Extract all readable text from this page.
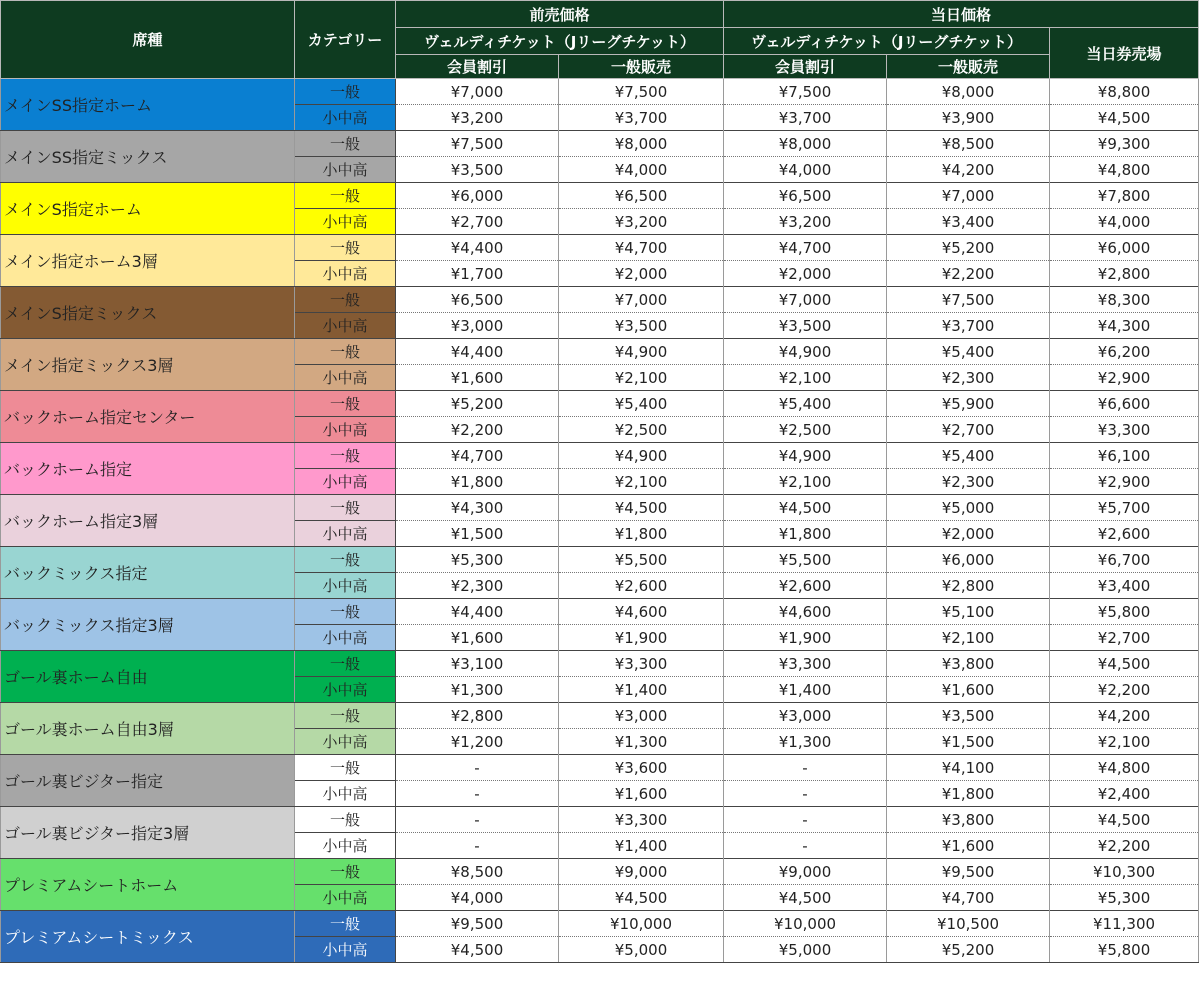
席種	カテゴリー	前売価格		当日価格		
		ヴェルディチケット（Jリーグチケット）		ヴェルディチケット（Jリーグチケット）		当日券売場
		会員割引	一般販売	会員割引	一般販売	
メインSS指定ホーム	一般	¥7,000	¥7,500	¥7,500	¥8,000	¥8,800
	小中高	¥3,200	¥3,700	¥3,700	¥3,900	¥4,500
メインSS指定ミックス	一般	¥7,500	¥8,000	¥8,000	¥8,500	¥9,300
	小中高	¥3,500	¥4,000	¥4,000	¥4,200	¥4,800
メインS指定ホーム	一般	¥6,000	¥6,500	¥6,500	¥7,000	¥7,800
	小中高	¥2,700	¥3,200	¥3,200	¥3,400	¥4,000
メイン指定ホーム3層	一般	¥4,400	¥4,700	¥4,700	¥5,200	¥6,000
	小中高	¥1,700	¥2,000	¥2,000	¥2,200	¥2,800
メインS指定ミックス	一般	¥6,500	¥7,000	¥7,000	¥7,500	¥8,300
	小中高	¥3,000	¥3,500	¥3,500	¥3,700	¥4,300
メイン指定ミックス3層	一般	¥4,400	¥4,900	¥4,900	¥5,400	¥6,200
	小中高	¥1,600	¥2,100	¥2,100	¥2,300	¥2,900
バックホーム指定センター	一般	¥5,200	¥5,400	¥5,400	¥5,900	¥6,600
	小中高	¥2,200	¥2,500	¥2,500	¥2,700	¥3,300
バックホーム指定	一般	¥4,700	¥4,900	¥4,900	¥5,400	¥6,100
	小中高	¥1,800	¥2,100	¥2,100	¥2,300	¥2,900
バックホーム指定3層	一般	¥4,300	¥4,500	¥4,500	¥5,000	¥5,700
	小中高	¥1,500	¥1,800	¥1,800	¥2,000	¥2,600
バックミックス指定	一般	¥5,300	¥5,500	¥5,500	¥6,000	¥6,700
	小中高	¥2,300	¥2,600	¥2,600	¥2,800	¥3,400
バックミックス指定3層	一般	¥4,400	¥4,600	¥4,600	¥5,100	¥5,800
	小中高	¥1,600	¥1,900	¥1,900	¥2,100	¥2,700
ゴール裏ホーム自由	一般	¥3,100	¥3,300	¥3,300	¥3,800	¥4,500
	小中高	¥1,300	¥1,400	¥1,400	¥1,600	¥2,200
ゴール裏ホーム自由3層	一般	¥2,800	¥3,000	¥3,000	¥3,500	¥4,200
	小中高	¥1,200	¥1,300	¥1,300	¥1,500	¥2,100
ゴール裏ビジター指定	一般	-	¥3,600	-	¥4,100	¥4,800
	小中高	-	¥1,600	-	¥1,800	¥2,400
ゴール裏ビジター指定3層	一般	-	¥3,300	-	¥3,800	¥4,500
	小中高	-	¥1,400	-	¥1,600	¥2,200
プレミアムシートホーム	一般	¥8,500	¥9,000	¥9,000	¥9,500	¥10,300
	小中高	¥4,000	¥4,500	¥4,500	¥4,700	¥5,300
プレミアムシートミックス	一般	¥9,500	¥10,000	¥10,000	¥10,500	¥11,300
	小中高	¥4,500	¥5,000	¥5,000	¥5,200	¥5,800
